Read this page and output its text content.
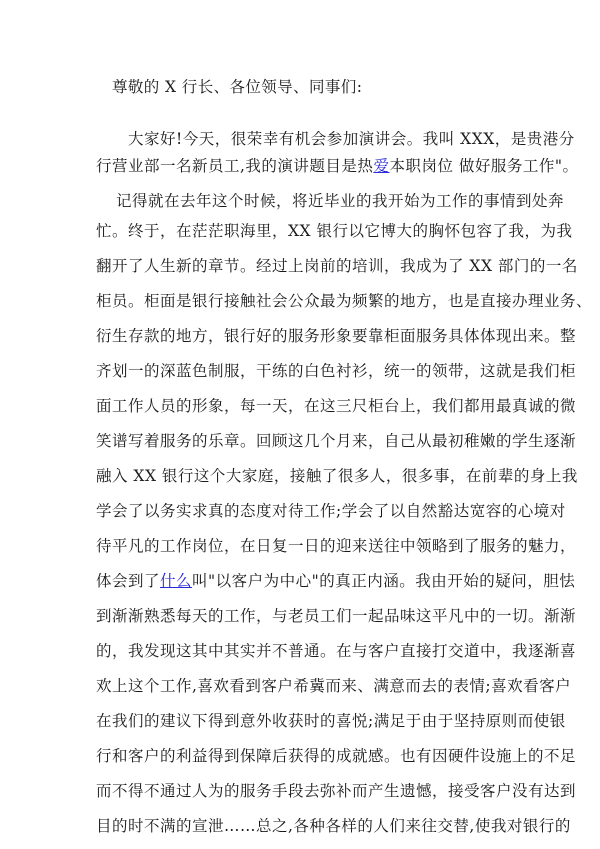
尊敬的 X 行长、各位领导、同事们:
大家好!今天，很荣幸有机会参加演讲会。我叫 XXX，是贵港分
行营业部一名新员工,我的演讲题目是热爱本职岗位 做好服务工作"。
记得就在去年这个时候，将近毕业的我开始为工作的事情到处奔
忙。终于，在茫茫职海里，XX 银行以它博大的胸怀包容了我，为我
翻开了人生新的章节。经过上岗前的培训，我成为了 XX 部门的一名
柜员。柜面是银行接触社会公众最为频繁的地方，也是直接办理业务、
衍生存款的地方，银行好的服务形象要靠柜面服务具体体现出来。整
齐划一的深蓝色制服，干练的白色衬衫，统一的领带，这就是我们柜
面工作人员的形象，每一天，在这三尺柜台上，我们都用最真诚的微
笑谱写着服务的乐章。回顾这几个月来，自己从最初稚嫩的学生逐渐
融入 XX 银行这个大家庭，接触了很多人，很多事，在前辈的身上我
学会了以务实求真的态度对待工作;学会了以自然豁达宽容的心境对
待平凡的工作岗位，在日复一日的迎来送往中领略到了服务的魅力，
体会到了什么叫"以客户为中心"的真正内涵。我由开始的疑问，胆怯
到渐渐熟悉每天的工作，与老员工们一起品味这平凡中的一切。渐渐
的，我发现这其中其实并不普通。在与客户直接打交道中，我逐渐喜
欢上这个工作,喜欢看到客户希冀而来、满意而去的表情;喜欢看客户
在我们的建议下得到意外收获时的喜悦;满足于由于坚持原则而使银
行和客户的利益得到保障后获得的成就感。也有因硬件设施上的不足
而不得不通过人为的服务手段去弥补而产生遗憾，接受客户没有达到
目的时不满的宣泄……总之,各种各样的人们来往交替,使我对银行的
